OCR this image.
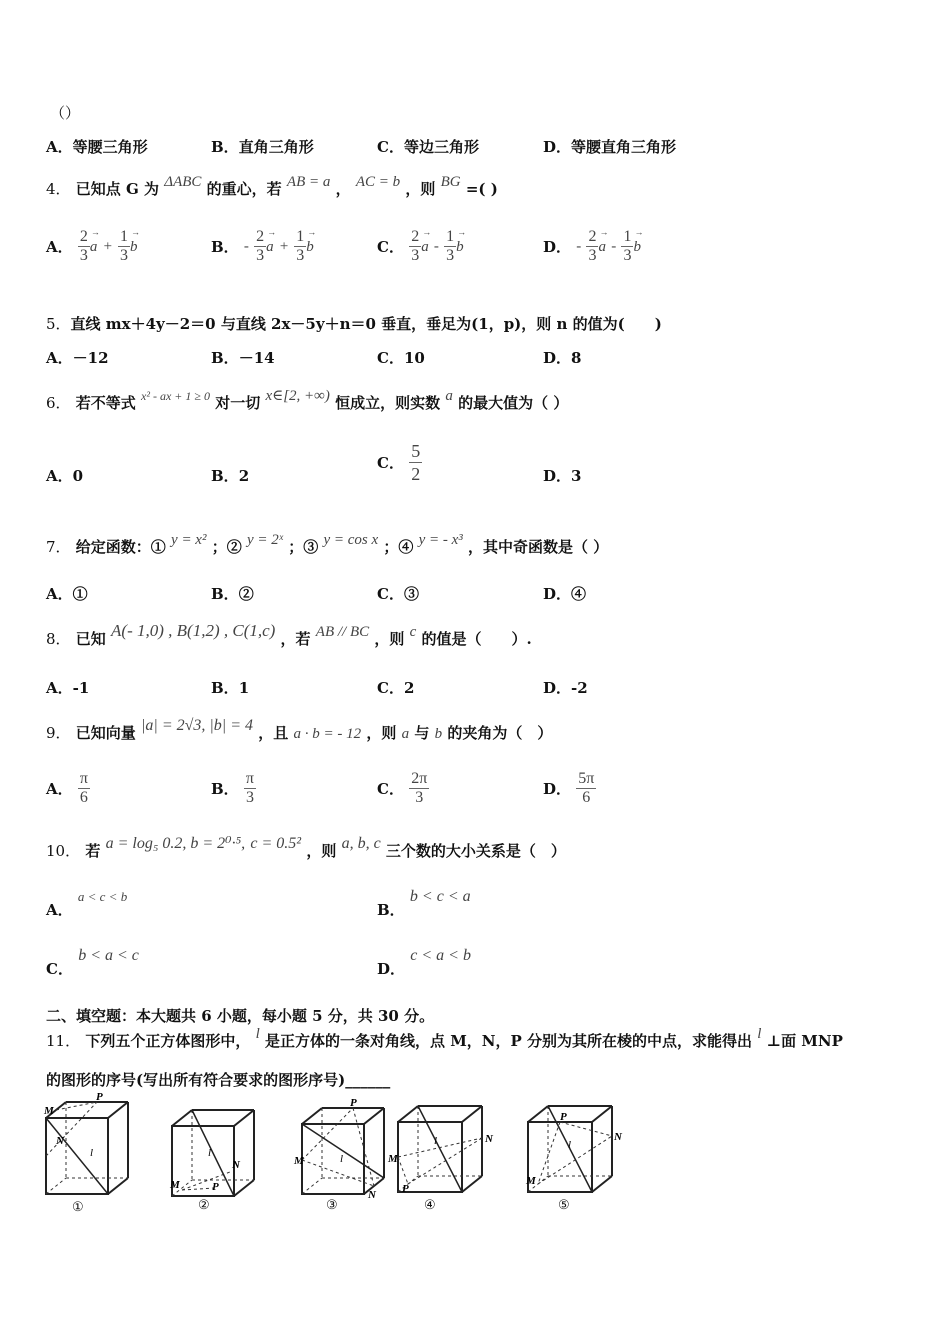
（）
A．等腰三角形	B．直角三角形	C．等边三角形	D．等腰直角三角形
4． 已知点 G 为 ΔABC 的重心，若 AB = a ， AC = b ，则 BG =( )
A． $\frac{2}{3}$
→ $a + \frac{1}{3}$
→ b	B． - $\frac{2}{3}$
→ $a + \frac{1}{3}$
→ b	C． $\frac{2}{3}$
→ a - $\frac{1}{3}$
→ b	D． - $\frac{2}{3}$
→ a - $\frac{1}{3}$
→ b
5．直线 mx＋4y－2＝0 与直线 2x－5y＋n＝0 垂直，垂足为(1，p)，则 n 的值为(　　)
A．－12	B．－14	C．10	D．8
6． 若不等式 $^{x^2 - ax + 1 \ge 0}$ 对一切 x∈[2, +∞) 恒成立，则实数 a 的最大值为（ ）
A．0	B．2
C． $\frac{5}{2}$	D．3
7． 给定函数：① y = x² ；② y = 2ˣ ；③ y = cos x ；④ y = - x³ ，其中奇函数是（ ）
A．①	B．②	C．③	D．④
8． 已知 A(- 1,0) , B(1,2) , C(1,c) ，若 AB // BC ，则 c 的值是（　　）.
A．-1	B．1	C．2	D．-2
9． 已知向量 |a| = 2√3, |b| = 4 ，且 a · b = - 12 ，则 a 与 b 的夹角为（　）
A． $\frac{\pi}{6}$	B． $\frac{\pi}{3}$	C． $\frac{2\pi}{3}$	D． $\frac{5\pi}{6}$
10． 若 a = log₅ 0.2, b = 2⁰·⁵, c = 0.5² ，则 a, b, c 三个数的大小关系是（　）
A． a < c < b
B． b < c < a
C． b < a < c
D． c < a < b
二、填空题：本大题共 6 小题，每小题 5 分，共 30 分。
11． 下列五个正方体图形中， l 是正方体的一条对角线，点 M，N，P 分别为其所在棱的中点，求能得出 l ⊥面 MNP
的图形的序号(写出所有符合要求的图形序号)______
M
P
N
l
①
M
N
P
l
②
P
M
N
l
③
M
N
P
l
④
P
N
M
l
⑤
